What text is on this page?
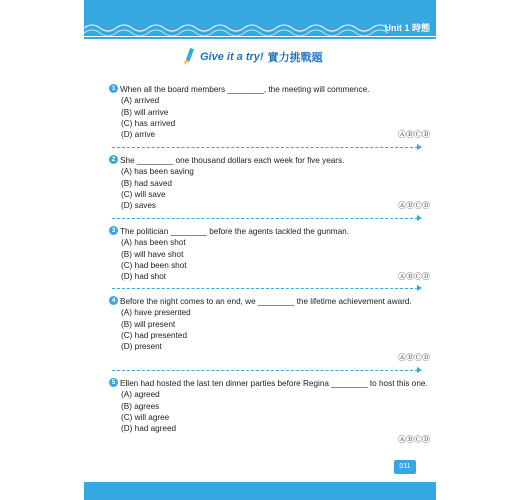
Unit 1 時態
Give it a try! 實力挑戰題
1 When all the board members ________, the meeting will commence.
(A) arrived
(B) will arrive
(C) has arrived
(D) arrive	ⒶⒷⒸⒹ
2 She ________ one thousand dollars each week for five years.
(A) has been saving
(B) had saved
(C) will save
(D) saves	ⒶⒷⒸⒹ
3 The politician ________ before the agents tackled the gunman.
(A) has been shot
(B) will have shot
(C) had been shot
(D) had shot	ⒶⒷⒸⒹ
4 Before the night comes to an end, we ________ the lifetime achievement award.
(A) have presented
(B) will present
(C) had presented
(D) present
ⒶⒷⒸⒹ
5 Ellen had hosted the last ten dinner parties before Regina ________ to host this one.
(A) agreed
(B) agrees
(C) will agree
(D) had agreed
ⒶⒷⒸⒹ
011
